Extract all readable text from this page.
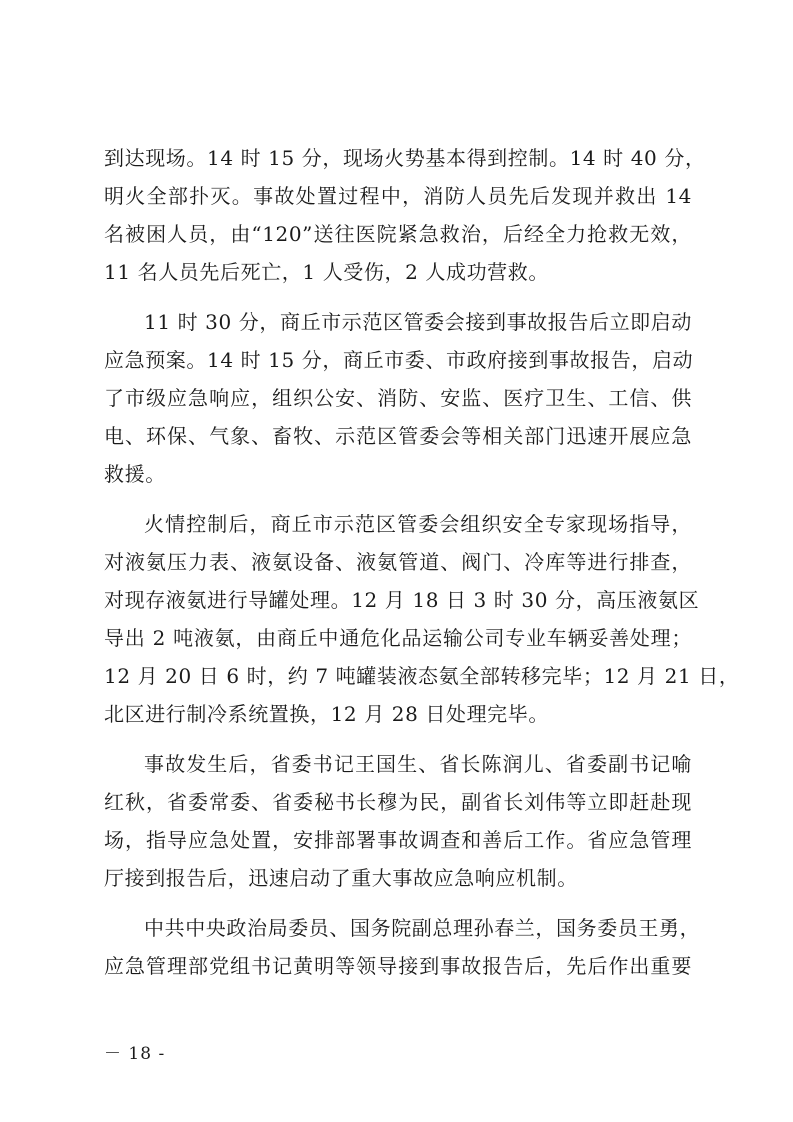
到达现场。14 时 15 分，现场火势基本得到控制。14 时 40 分，
明火全部扑灭。事故处置过程中，消防人员先后发现并救出 14
名被困人员，由“120”送往医院紧急救治，后经全力抢救无效，
11 名人员先后死亡，1 人受伤，2 人成功营救。
11 时 30 分，商丘市示范区管委会接到事故报告后立即启动
应急预案。14 时 15 分，商丘市委、市政府接到事故报告，启动
了市级应急响应，组织公安、消防、安监、医疗卫生、工信、供
电、环保、气象、畜牧、示范区管委会等相关部门迅速开展应急
救援。
火情控制后，商丘市示范区管委会组织安全专家现场指导，
对液氨压力表、液氨设备、液氨管道、阀门、冷库等进行排查，
对现存液氨进行导罐处理。12 月 18 日 3 时 30 分，高压液氨区
导出 2 吨液氨，由商丘中通危化品运输公司专业车辆妥善处理；
12 月 20 日 6 时，约 7 吨罐装液态氨全部转移完毕；12 月 21 日，
北区进行制冷系统置换，12 月 28 日处理完毕。
事故发生后，省委书记王国生、省长陈润儿、省委副书记喻
红秋，省委常委、省委秘书长穆为民，副省长刘伟等立即赶赴现
场，指导应急处置，安排部署事故调查和善后工作。省应急管理
厅接到报告后，迅速启动了重大事故应急响应机制。
中共中央政治局委员、国务院副总理孙春兰，国务委员王勇，
应急管理部党组书记黄明等领导接到事故报告后，先后作出重要
－ 18 -
